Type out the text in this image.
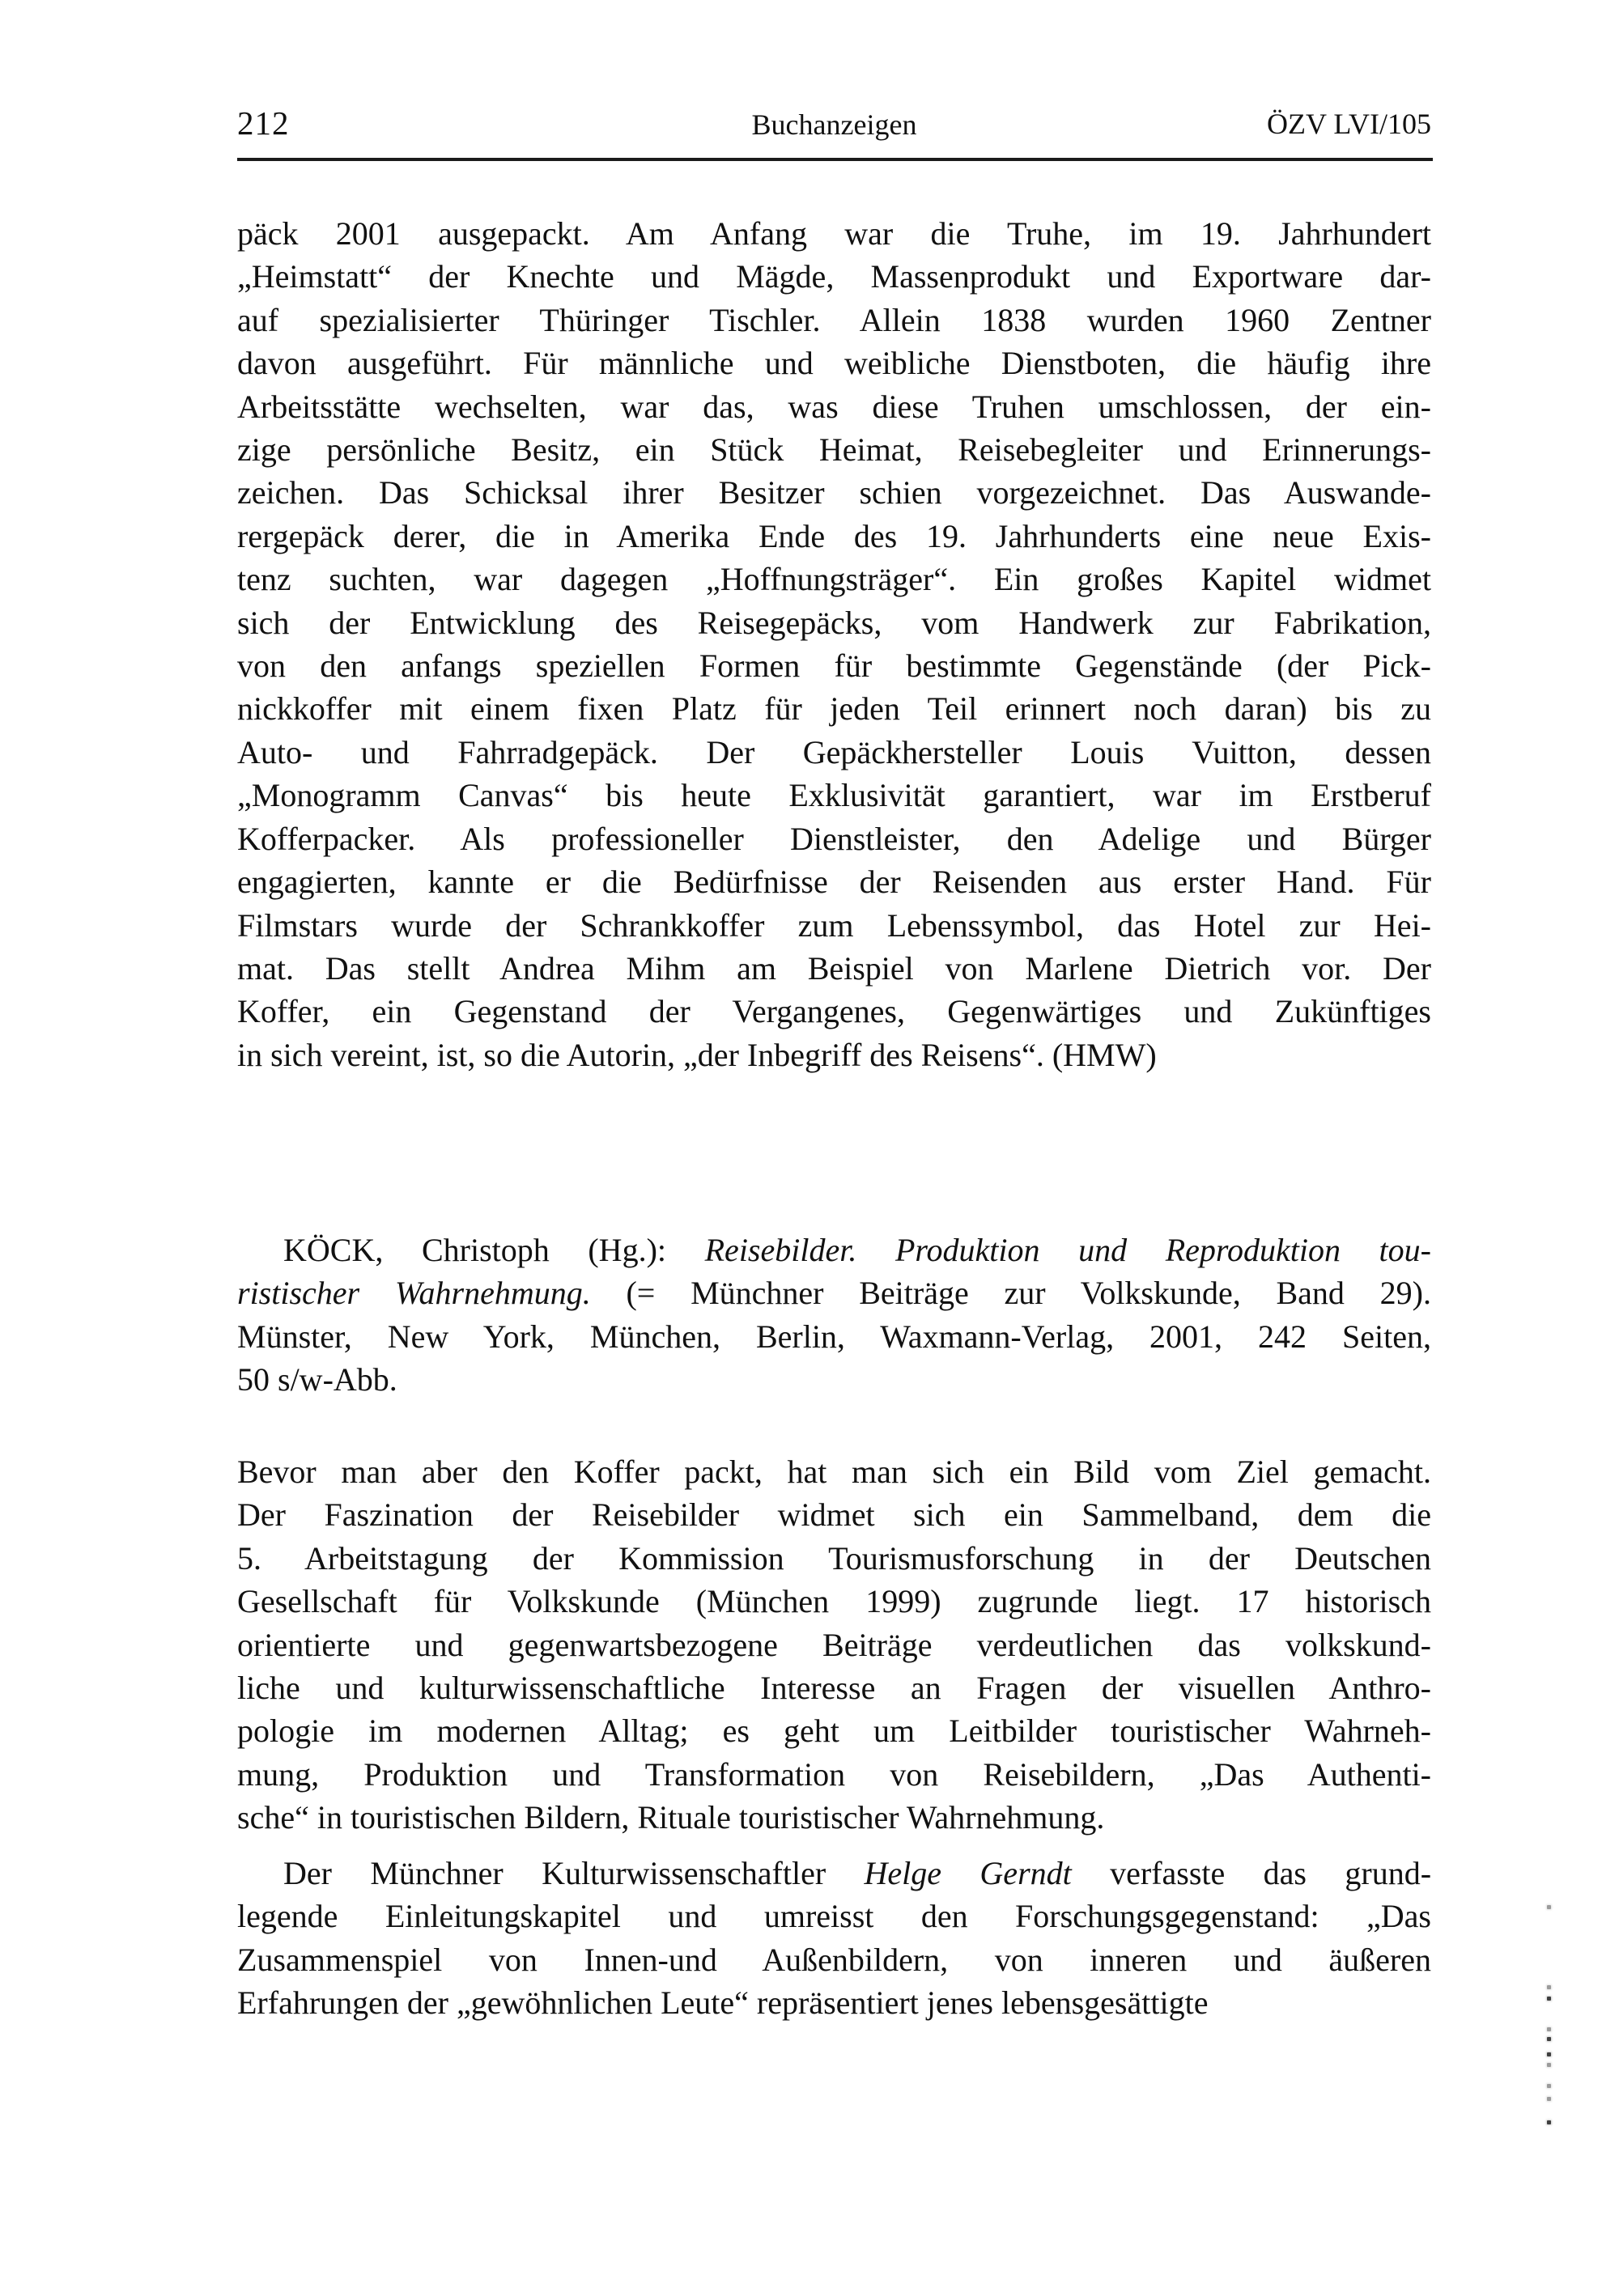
212	Buchanzeigen	ÖZV LVI/105
päck 2001 ausgepackt. Am Anfang war die Truhe, im 19. Jahrhundert
„Heimstatt“ der Knechte und Mägde, Massenprodukt und Exportware dar-
auf spezialisierter Thüringer Tischler. Allein 1838 wurden 1960 Zentner
davon ausgeführt. Für männliche und weibliche Dienstboten, die häufig ihre
Arbeitsstätte wechselten, war das, was diese Truhen umschlossen, der ein-
zige persönliche Besitz, ein Stück Heimat, Reisebegleiter und Erinnerungs-
zeichen. Das Schicksal ihrer Besitzer schien vorgezeichnet. Das Auswande-
rergepäck derer, die in Amerika Ende des 19. Jahrhunderts eine neue Exis-
tenz suchten, war dagegen „Hoffnungsträger“. Ein großes Kapitel widmet
sich der Entwicklung des Reisegepäcks, vom Handwerk zur Fabrikation,
von den anfangs speziellen Formen für bestimmte Gegenstände (der Pick-
nickkoffer mit einem fixen Platz für jeden Teil erinnert noch daran) bis zu
Auto- und Fahrradgepäck. Der Gepäckhersteller Louis Vuitton, dessen
„Monogramm Canvas“ bis heute Exklusivität garantiert, war im Erstberuf
Kofferpacker. Als professioneller Dienstleister, den Adelige und Bürger
engagierten, kannte er die Bedürfnisse der Reisenden aus erster Hand. Für
Filmstars wurde der Schrankkoffer zum Lebenssymbol, das Hotel zur Hei-
mat. Das stellt Andrea Mihm am Beispiel von Marlene Dietrich vor. Der
Koffer, ein Gegenstand der Vergangenes, Gegenwärtiges und Zukünftiges
in sich vereint, ist, so die Autorin, „der Inbegriff des Reisens“. (HMW)
KÖCK, Christoph (Hg.): Reisebilder. Produktion und Reproduktion tou-
ristischer Wahrnehmung. (= Münchner Beiträge zur Volkskunde, Band 29).
Münster, New York, München, Berlin, Waxmann-Verlag, 2001, 242 Seiten,
50 s/w-Abb.
Bevor man aber den Koffer packt, hat man sich ein Bild vom Ziel gemacht.
Der Faszination der Reisebilder widmet sich ein Sammelband, dem die
5. Arbeitstagung der Kommission Tourismusforschung in der Deutschen
Gesellschaft für Volkskunde (München 1999) zugrunde liegt. 17 historisch
orientierte und gegenwartsbezogene Beiträge verdeutlichen das volkskund-
liche und kulturwissenschaftliche Interesse an Fragen der visuellen Anthro-
pologie im modernen Alltag; es geht um Leitbilder touristischer Wahrneh-
mung, Produktion und Transformation von Reisebildern, „Das Authenti-
sche“ in touristischen Bildern, Rituale touristischer Wahrnehmung.
Der Münchner Kulturwissenschaftler Helge Gerndt verfasste das grund-
legende Einleitungskapitel und umreisst den Forschungsgegenstand: „Das
Zusammenspiel von Innen-und Außenbildern, von inneren und äußeren
Erfahrungen der „gewöhnlichen Leute“ repräsentiert jenes lebensgesättigte
